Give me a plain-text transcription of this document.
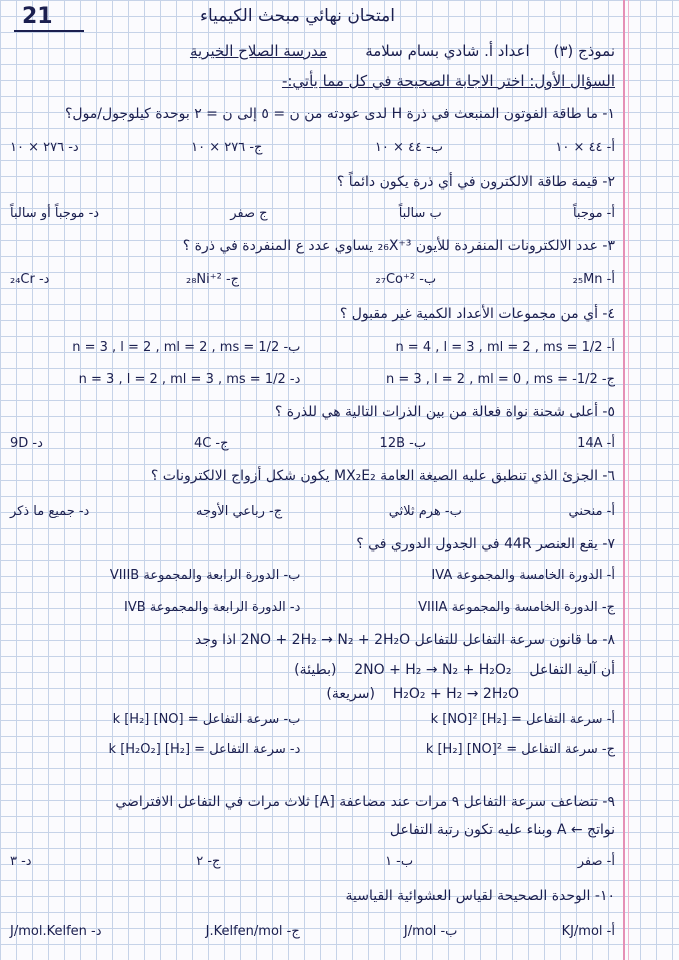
21	امتحان نهائي مبحث الكيمياء
نموذج (٣)     اعداد أ. شادي بسام سلامة        مدرسة الصلاح الخيرية
السؤال الأول: اختر الاجابة الصحيحة في كل مما يأتي:-
١- ما طاقة الفوتون المنبعث في ذرة H لدى عودته من ن = ٥ إلى ن = ٢ بوحدة كيلوجول/مول؟
أ- ٤٤ × ١٠
ب- ٤٤ × ١٠
ج- ٢٧٦ × ١٠
د- ٢٧٦ × ١٠
٢- قيمة طاقة الالكترون في أي ذرة يكون دائماً ؟
أ- موجباً
ب سالباً
ج صفر
د- موجباً أو سالباً
٣- عدد الالكترونات المنفردة للأيون ₂₆X⁺³ يساوي عدد ع المنفردة في ذرة ؟
أ- ₂₅Mn
ب- ₂₇Co⁺²
ج- ₂₈Ni⁺²
د- ₂₄Cr
٤- أي من مجموعات الأعداد الكمية غير مقبول ؟
أ- n = 4 , l = 3 , ml = 2 , ms = 1/2
ب- n = 3 , l = 2 , ml = 2 , ms = 1/2
ج- n = 3 , l = 2 , ml = 0 , ms = -1/2
د- n = 3 , l = 2 , ml = 3 , ms = 1/2
٥- أعلى شحنة نواة فعالة من بين الذرات التالية هي للذرة ؟
أ- 14A
ب- 12B
ج- 4C
د- 9D
٦- الجزئ الذي تنطبق عليه الصيغة العامة MX₂E₂ يكون شكل أزواج الالكترونات ؟
أ- منحني
ب- هرم ثلاثي
ج- رباعي الأوجه
د- جميع ما ذكر
٧- يقع العنصر 44R في الجدول الدوري في ؟
أ- الدورة الخامسة والمجموعة IVA
ب- الدورة الرابعة والمجموعة VIIIB
ج- الدورة الخامسة والمجموعة VIIIA
د- الدورة الرابعة والمجموعة IVB
٨- ما قانون سرعة التفاعل للتفاعل 2NO + 2H₂ → N₂ + 2H₂O اذا وجد
أن آلية التفاعل    2NO + H₂ → N₂ + H₂O₂    (بطيئة)
H₂O₂ + H₂ → 2H₂O    (سريعة)
أ- سرعة التفاعل = k [NO]² [H₂]
ب- سرعة التفاعل = k [H₂] [NO]
ج- سرعة التفاعل = k [H₂] [NO]²
د- سرعة التفاعل = k [H₂O₂] [H₂]
٩- تتضاعف سرعة التفاعل ٩ مرات عند مضاعفة [A] ثلاث مرات في التفاعل الافتراضي
نواتج ← A وبناء عليه تكون رتبة التفاعل
أ- صفر
ب- ١
ج- ٢
د- ٣
١٠- الوحدة الصحيحة لقياس العشوائية القياسية
أ- KJ/mol
ب- J/mol
ج- J.Kelfen/mol
د- J/mol.Kelfen
